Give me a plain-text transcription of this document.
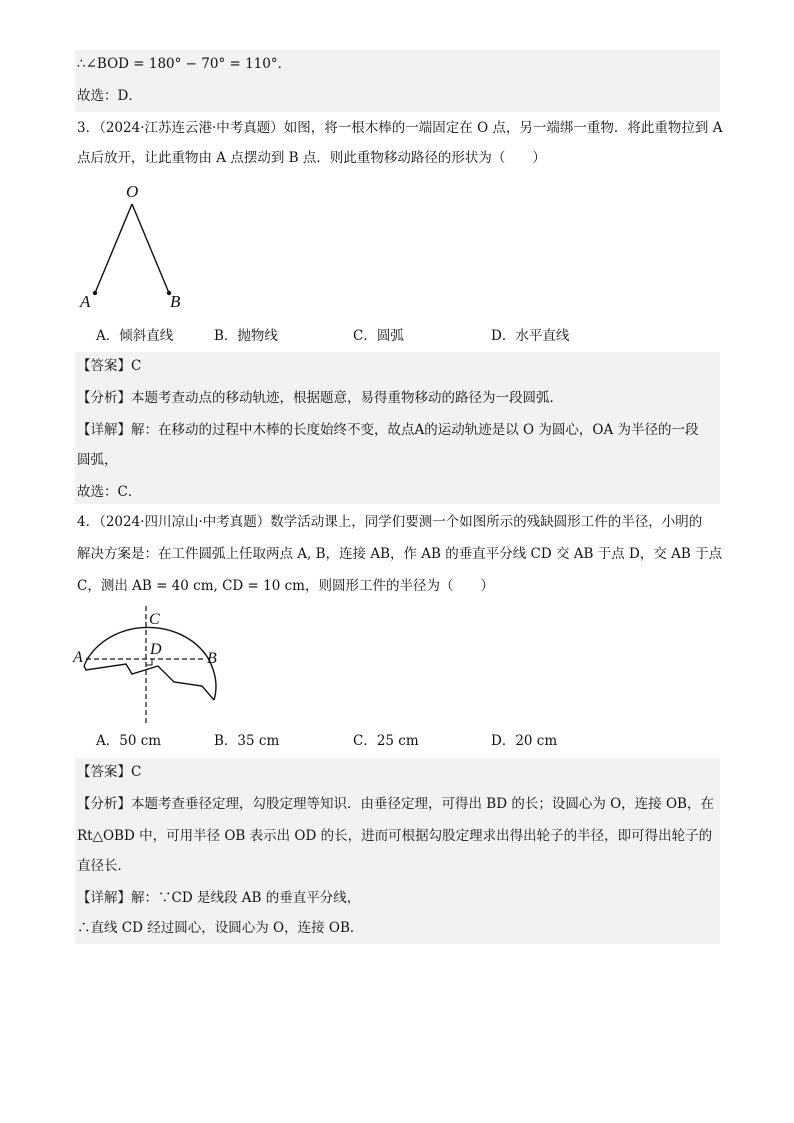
∴∠BOD = 180° − 70° = 110°．
故选：D．
3．（2024·江苏连云港·中考真题）如图，将一根木棒的一端固定在 O 点，另一端绑一重物．将此重物拉到 A
点后放开，让此重物由 A 点摆动到 B 点．则此重物移动路径的形状为（　　）
O
A	B
A．倾斜直线	B．抛物线	C．圆弧	D．水平直线
【答案】C
【分析】本题考查动点的移动轨迹，根据题意，易得重物移动的路径为一段圆弧．
【详解】解：在移动的过程中木棒的长度始终不变，故点A的运动轨迹是以 O 为圆心，OA 为半径的一段
圆弧，
故选：C．
4．（2024·四川凉山·中考真题）数学活动课上，同学们要测一个如图所示的残缺圆形工件的半径，小明的
解决方案是：在工件圆弧上任取两点 A, B，连接 AB，作 AB 的垂直平分线 CD 交 AB 于点 D，交 AB 于点
C，测出 AB = 40 cm, CD = 10 cm，则圆形工件的半径为（　　）
C
A	B
D
A．50 cm	B．35 cm	C．25 cm	D．20 cm
【答案】C
【分析】本题考查垂径定理，勾股定理等知识．由垂径定理，可得出 BD 的长；设圆心为 O，连接 OB，在
Rt△OBD 中，可用半径 OB 表示出 OD 的长，进而可根据勾股定理求出得出轮子的半径，即可得出轮子的
直径长．
【详解】解：∵CD 是线段 AB 的垂直平分线，
∴直线 CD 经过圆心，设圆心为 O，连接 OB．
